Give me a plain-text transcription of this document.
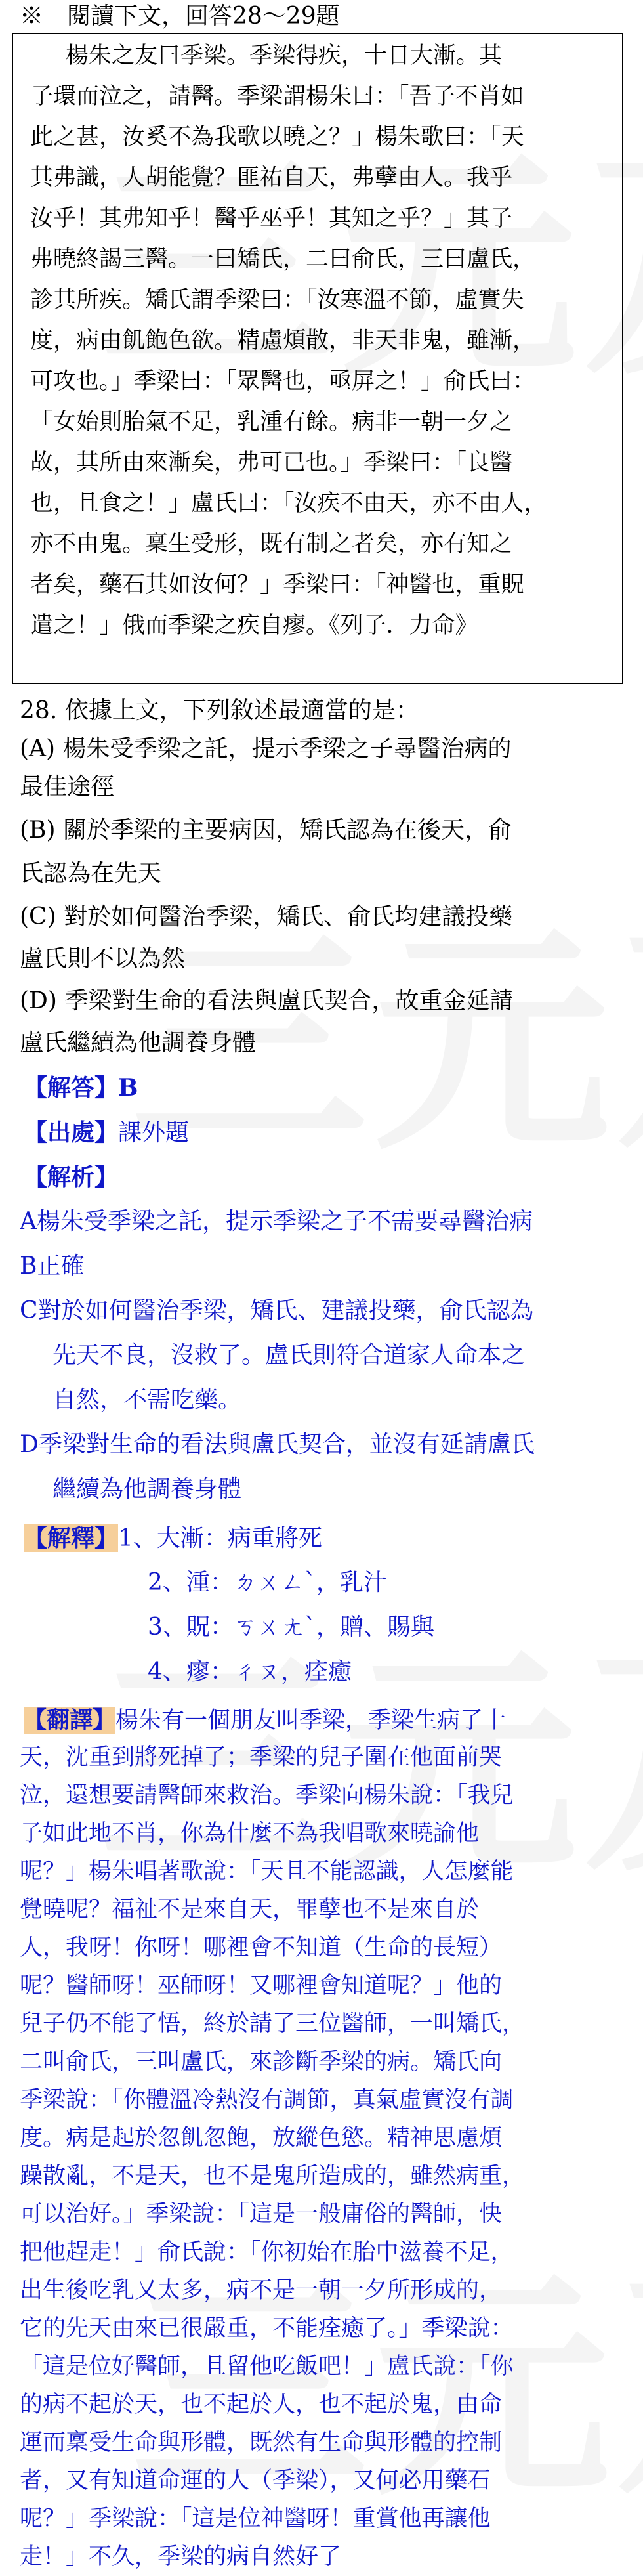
※　閱讀下文，回答28～29題
楊朱之友曰季梁。季梁得疾，十日大漸。其
子環而泣之，請醫。季梁謂楊朱曰：「吾子不肖如
此之甚，汝奚不為我歌以曉之？」楊朱歌曰：「天
其弗識，人胡能覺？匪祐自天，弗孽由人。我乎
汝乎！其弗知乎！醫乎巫乎！其知之乎？」其子
弗曉終謁三醫。一曰矯氏，二曰俞氏，三曰盧氏，
診其所疾。矯氏謂季梁曰：「汝寒溫不節，虛實失
度，病由飢飽色欲。精慮煩散，非天非鬼，雖漸，
可攻也。」季梁曰：「眾醫也，亟屏之！」俞氏曰：
「女始則胎氣不足，乳湩有餘。病非一朝一夕之
故，其所由來漸矣，弗可已也。」季梁曰：「良醫
也，且食之！」盧氏曰：「汝疾不由天，亦不由人，
亦不由鬼。稟生受形，既有制之者矣，亦有知之
者矣，藥石其如汝何？」季梁曰：「神醫也，重貺
遣之！」俄而季梁之疾自瘳。《列子．力命》
28. 依據上文，下列敘述最適當的是：
(A) 楊朱受季梁之託，提示季梁之子尋醫治病的
最佳途徑
(B) 關於季梁的主要病因，矯氏認為在後天，俞
氏認為在先天
(C) 對於如何醫治季梁，矯氏、俞氏均建議投藥
盧氏則不以為然
(D) 季梁對生命的看法與盧氏契合，故重金延請
盧氏繼續為他調養身體
【解答】B
【出處】課外題
【解析】
A楊朱受季梁之託，提示季梁之子不需要尋醫治病
B正確
C對於如何醫治季梁，矯氏、建議投藥，俞氏認為
先天不良，沒救了。盧氏則符合道家人命本之
自然，不需吃藥。
D季梁對生命的看法與盧氏契合，並沒有延請盧氏
繼續為他調養身體
【解釋】1、大漸：病重將死
2、湩：ㄉㄨㄥˋ，乳汁
3、貺：ㄎㄨㄤˋ，贈、賜與
4、瘳：ㄔㄡ，痊癒
【翻譯】楊朱有一個朋友叫季梁，季梁生病了十
天，沈重到將死掉了；季梁的兒子圍在他面前哭
泣，還想要請醫師來救治。季梁向楊朱說：「我兒
子如此地不肖，你為什麼不為我唱歌來曉諭他
呢？」楊朱唱著歌說：「天且不能認識，人怎麼能
覺曉呢？福祉不是來自天，罪孽也不是來自於
人，我呀！你呀！哪裡會不知道（生命的長短）
呢？醫師呀！巫師呀！又哪裡會知道呢？」他的
兒子仍不能了悟，終於請了三位醫師，一叫矯氏，
二叫俞氏，三叫盧氏，來診斷季梁的病。矯氏向
季梁說：「你體溫冷熱沒有調節，真氣虛實沒有調
度。病是起於忽飢忽飽，放縱色慾。精神思慮煩
躁散亂，不是天，也不是鬼所造成的，雖然病重，
可以治好。」季梁說：「這是一般庸俗的醫師，快
把他趕走！」俞氏說：「你初始在胎中滋養不足，
出生後吃乳又太多，病不是一朝一夕所形成的，
它的先天由來已很嚴重，不能痊癒了。」季梁說：
「這是位好醫師，且留他吃飯吧！」盧氏說：「你
的病不起於天，也不起於人，也不起於鬼，由命
運而稟受生命與形體，既然有生命與形體的控制
者，又有知道命運的人（季梁），又何必用藥石
呢？」季梁說：「這是位神醫呀！重賞他再讓他
走！」不久，季梁的病自然好了
